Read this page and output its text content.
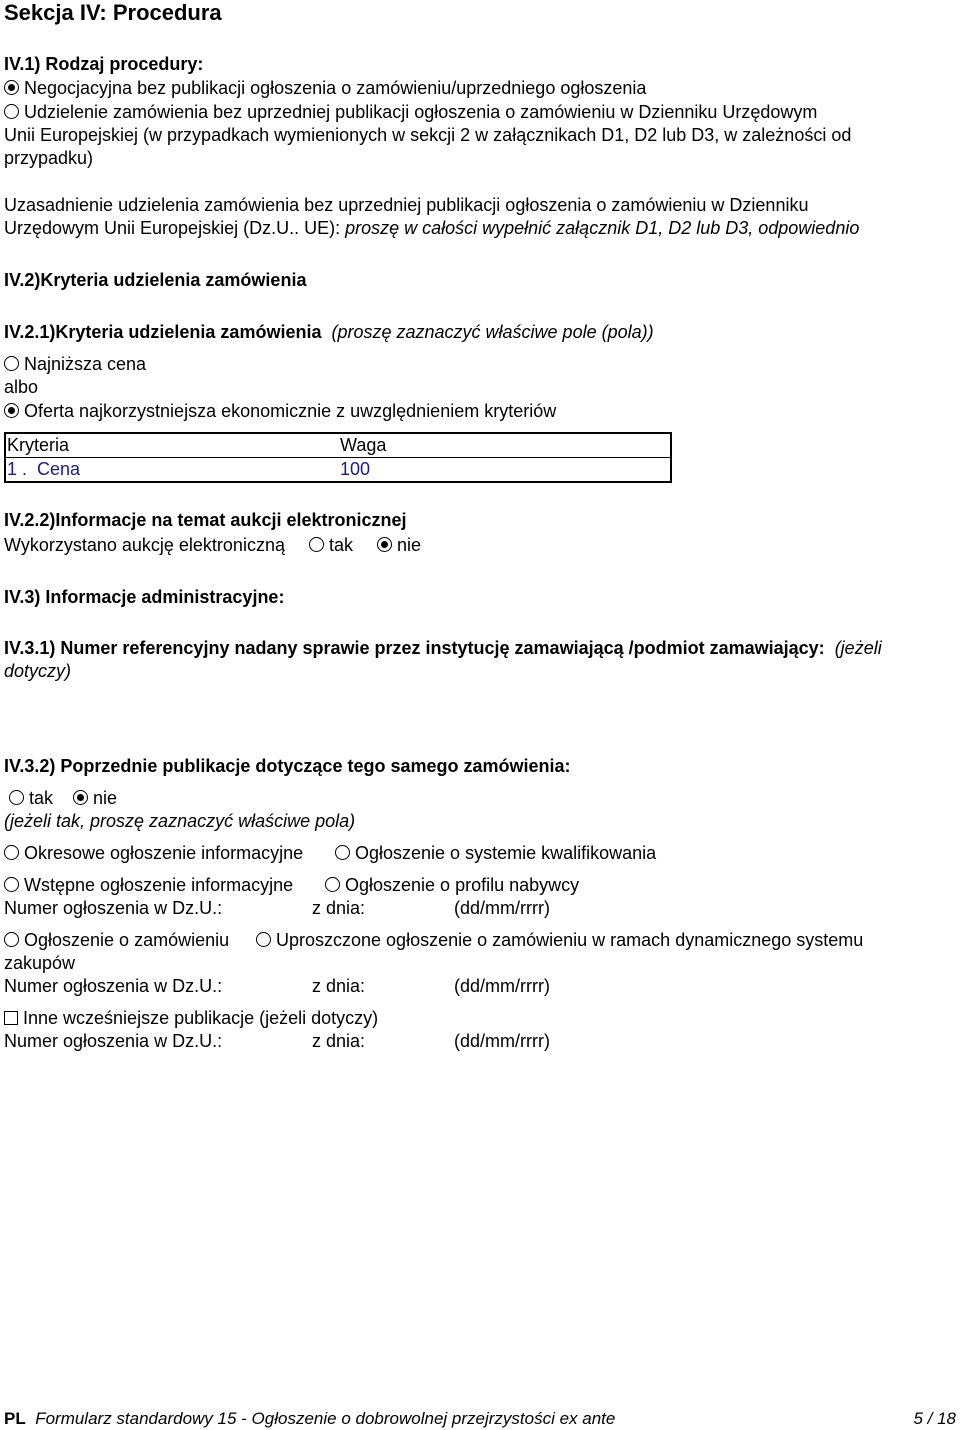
Sekcja IV: Procedura
IV.1) Rodzaj procedury:
Negocjacyjna bez publikacji ogłoszenia o zamówieniu/uprzedniego ogłoszenia
Udzielenie zamówienia bez uprzedniej publikacji ogłoszenia o zamówieniu w Dzienniku Urzędowym
Unii Europejskiej (w przypadkach wymienionych w sekcji 2 w załącznikach D1, D2 lub D3, w zależności od
przypadku)
Uzasadnienie udzielenia zamówienia bez uprzedniej publikacji ogłoszenia o zamówieniu w Dzienniku
Urzędowym Unii Europejskiej (Dz.U.. UE): proszę w całości wypełnić załącznik D1, D2 lub D3, odpowiednio
IV.2)Kryteria udzielenia zamówienia
IV.2.1)Kryteria udzielenia zamówienia (proszę zaznaczyć właściwe pole (pola))
Najniższa cena
albo
Oferta najkorzystniejsza ekonomicznie z uwzględnieniem kryteriów
Kryteria	Waga
1 .  Cena	100
IV.2.2)Informacje na temat aukcji elektronicznej
Wykorzystano aukcję elektroniczną tak nie
IV.3) Informacje administracyjne:
IV.3.1) Numer referencyjny nadany sprawie przez instytucję zamawiającą /podmiot zamawiający: (jeżeli
dotyczy)
IV.3.2) Poprzednie publikacje dotyczące tego samego zamówienia:
tak nie
(jeżeli tak, proszę zaznaczyć właściwe pola)
Okresowe ogłoszenie informacyjne	Ogłoszenie o systemie kwalifikowania
Wstępne ogłoszenie informacyjne	Ogłoszenie o profilu nabywcy
Numer ogłoszenia w Dz.U.:	z dnia:	(dd/mm/rrrr)
Ogłoszenie o zamówieniu	Uproszczone ogłoszenie o zamówieniu w ramach dynamicznego systemu
zakupów
Numer ogłoszenia w Dz.U.:	z dnia:	(dd/mm/rrrr)
Inne wcześniejsze publikacje (jeżeli dotyczy)
Numer ogłoszenia w Dz.U.:	z dnia:	(dd/mm/rrrr)
PL Formularz standardowy 15 - Ogłoszenie o dobrowolnej przejrzystości ex ante	5 / 18
